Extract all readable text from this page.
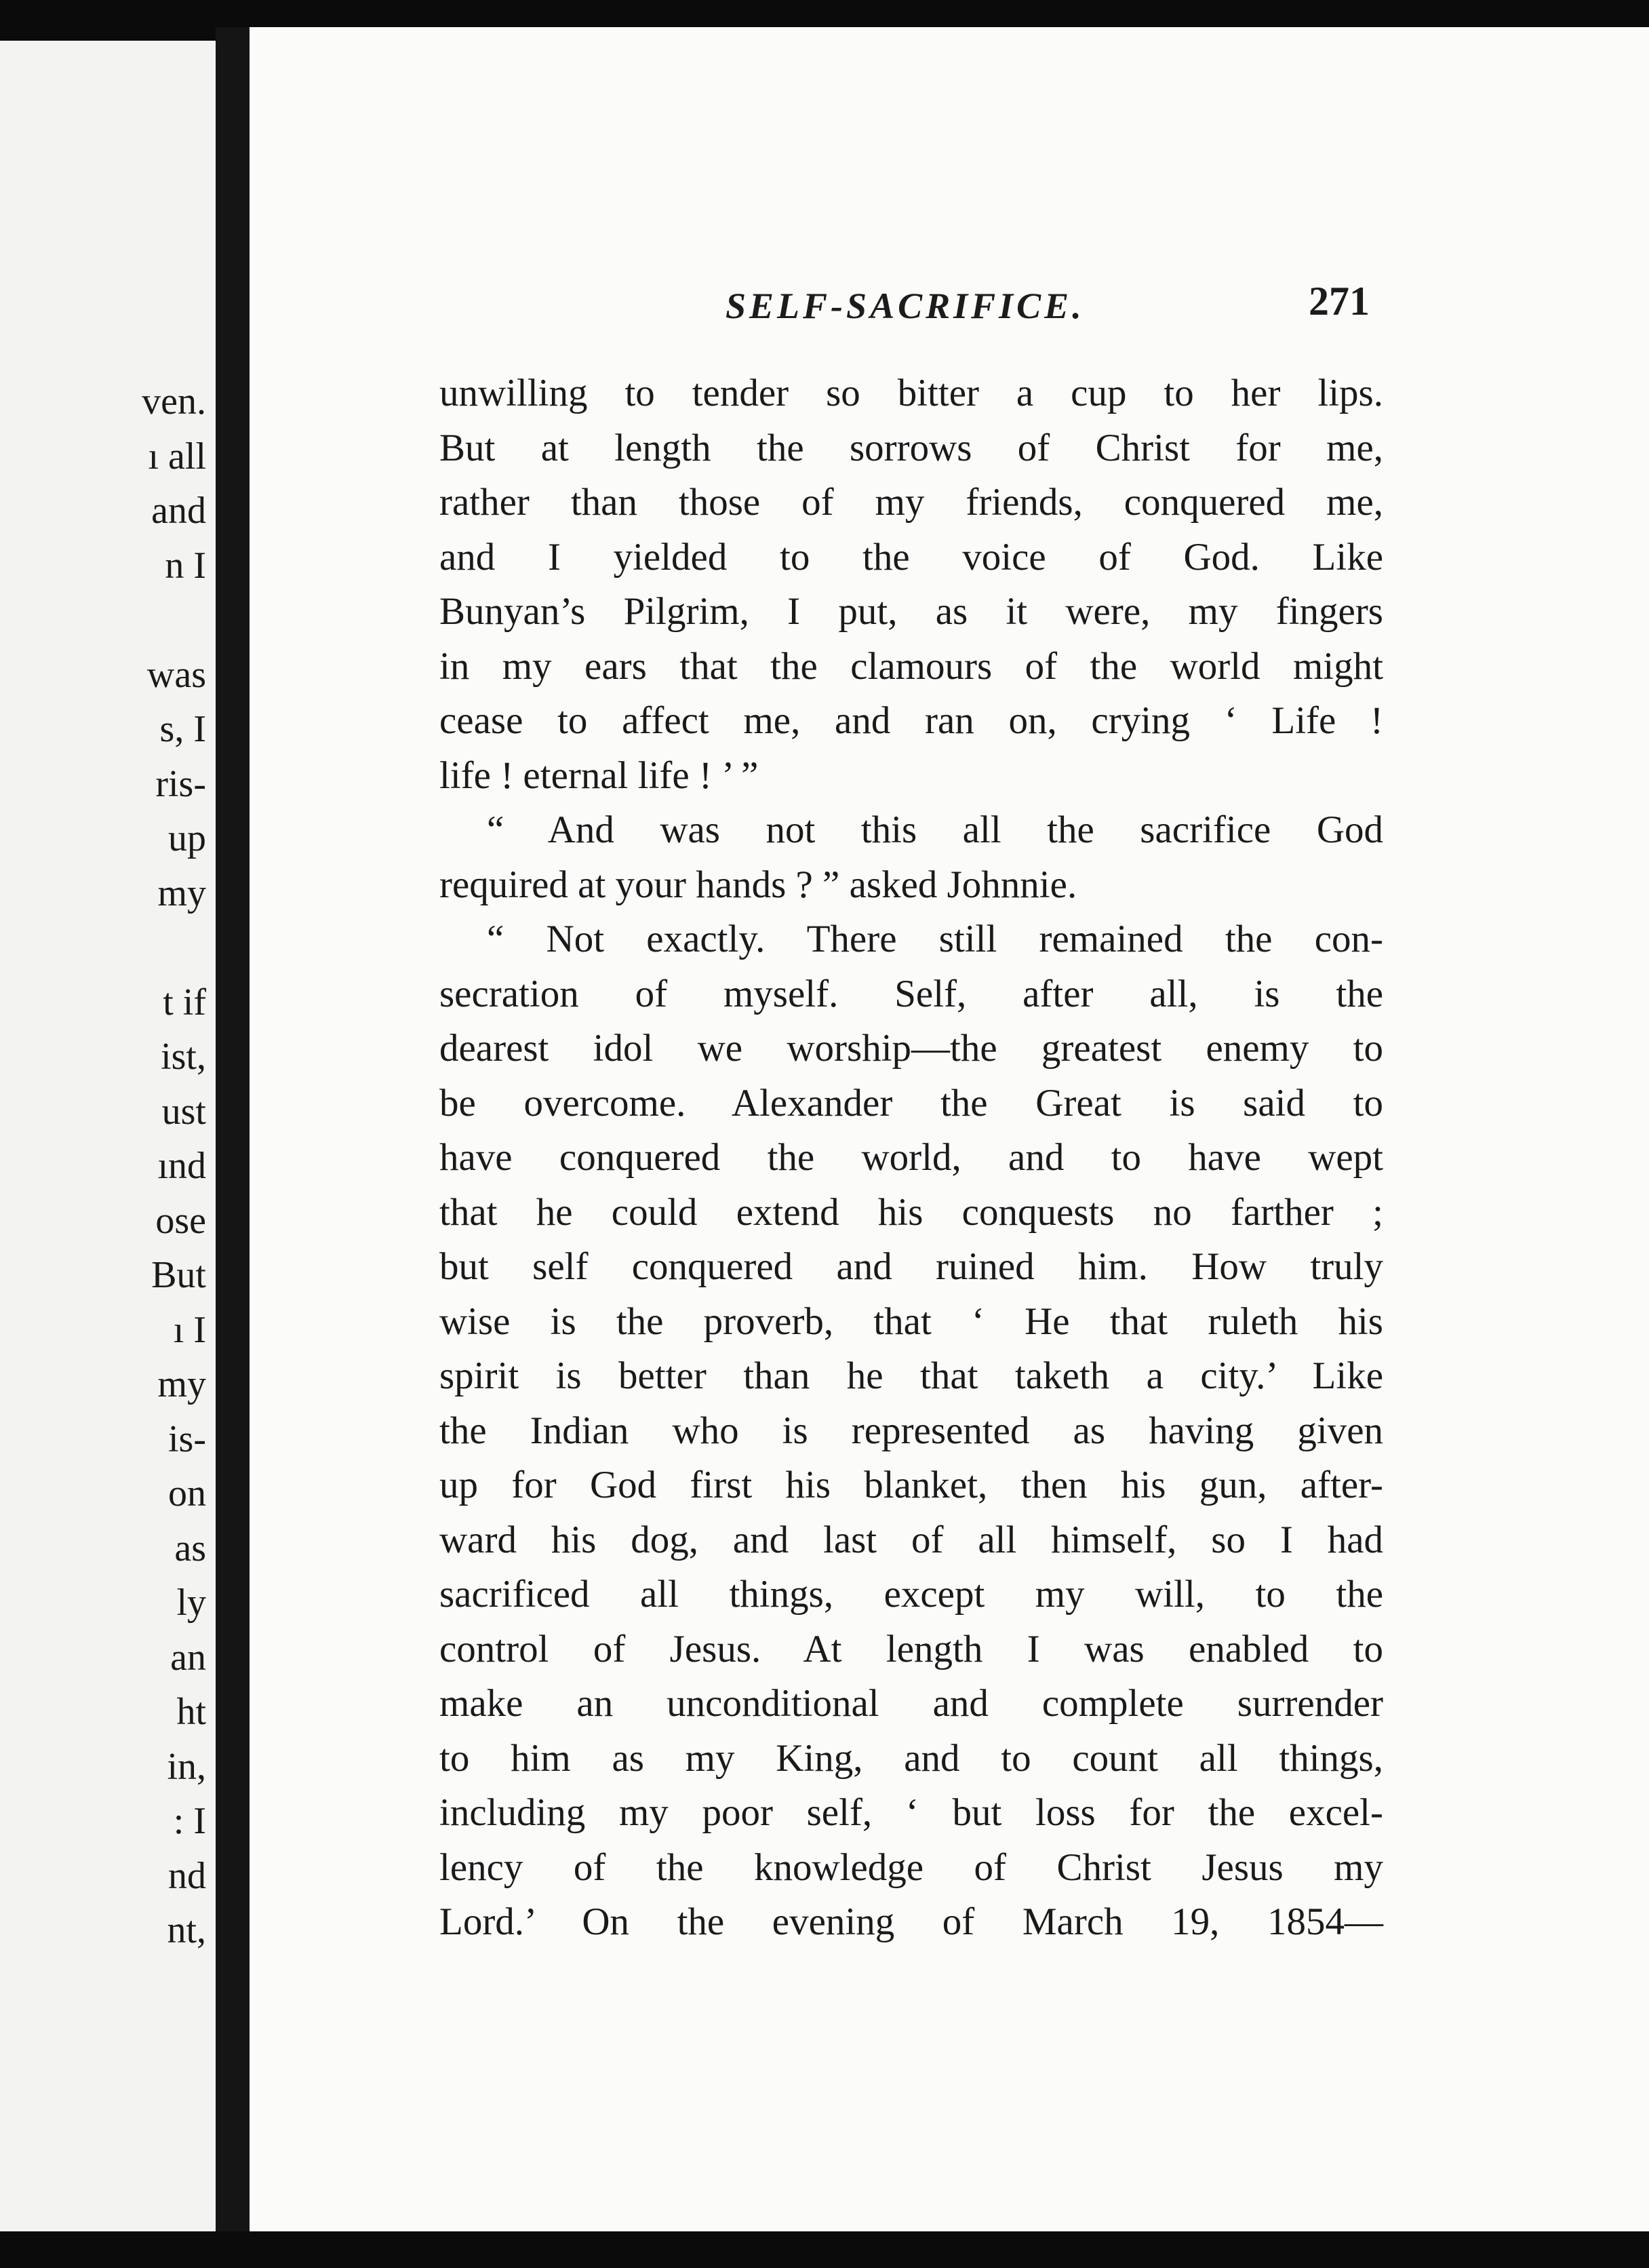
ven.
ı all
and
n I
was
s, I
ris-
up
my
t if
ist,
ust
ınd
ose
But
ı I
my
is-
on
as
ly
an
ht
in,
: I
nd
nt,
SELF-SACRIFICE.	271
unwilling to tender so bitter a cup to her lips.
But at length the sorrows of Christ for me,
rather than those of my friends, conquered me,
and I yielded to the voice of God. Like
Bunyan’s Pilgrim, I put, as it were, my fingers
in my ears that the clamours of the world might
cease to affect me, and ran on, crying ‘ Life !
life ! eternal life ! ’ ”
“ And was not this all the sacrifice God
required at your hands ? ” asked Johnnie.
“ Not exactly. There still remained the con-
secration of myself. Self, after all, is the
dearest idol we worship—the greatest enemy to
be overcome. Alexander the Great is said to
have conquered the world, and to have wept
that he could extend his conquests no farther ;
but self conquered and ruined him. How truly
wise is the proverb, that ‘ He that ruleth his
spirit is better than he that taketh a city.’ Like
the Indian who is represented as having given
up for God first his blanket, then his gun, after-
ward his dog, and last of all himself, so I had
sacrificed all things, except my will, to the
control of Jesus. At length I was enabled to
make an unconditional and complete surrender
to him as my King, and to count all things,
including my poor self, ‘ but loss for the excel-
lency of the knowledge of Christ Jesus my
Lord.’ On the evening of March 19, 1854—
